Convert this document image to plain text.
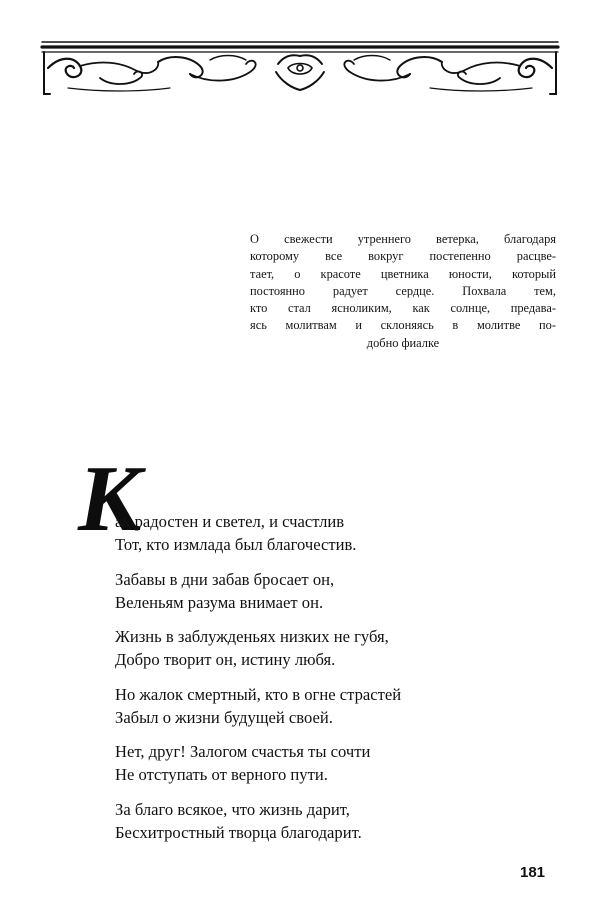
О свежести утреннего ветерка, благодаря
которому все вокруг постепенно расцве-
тает, о красоте цветника юности, который
постоянно радует сердце. Похвала тем,
кто стал ясноликим, как солнце, предава-
ясь молитвам и склоняясь в молитве по-
добно фиалке
К
ак радостен и светел, и счастлив
Тот, кто измлада был благочестив.
Забавы в дни забав бросает он,
Веленьям разума внимает он.
Жизнь в заблужденьях низких не губя,
Добро творит он, истину любя.
Но жалок смертный, кто в огне страстей
Забыл о жизни будущей своей.
Нет, друг! Залогом счастья ты сочти
Не отступать от верного пути.
За благо всякое, что жизнь дарит,
Бесхитростный творца благодарит.
181
